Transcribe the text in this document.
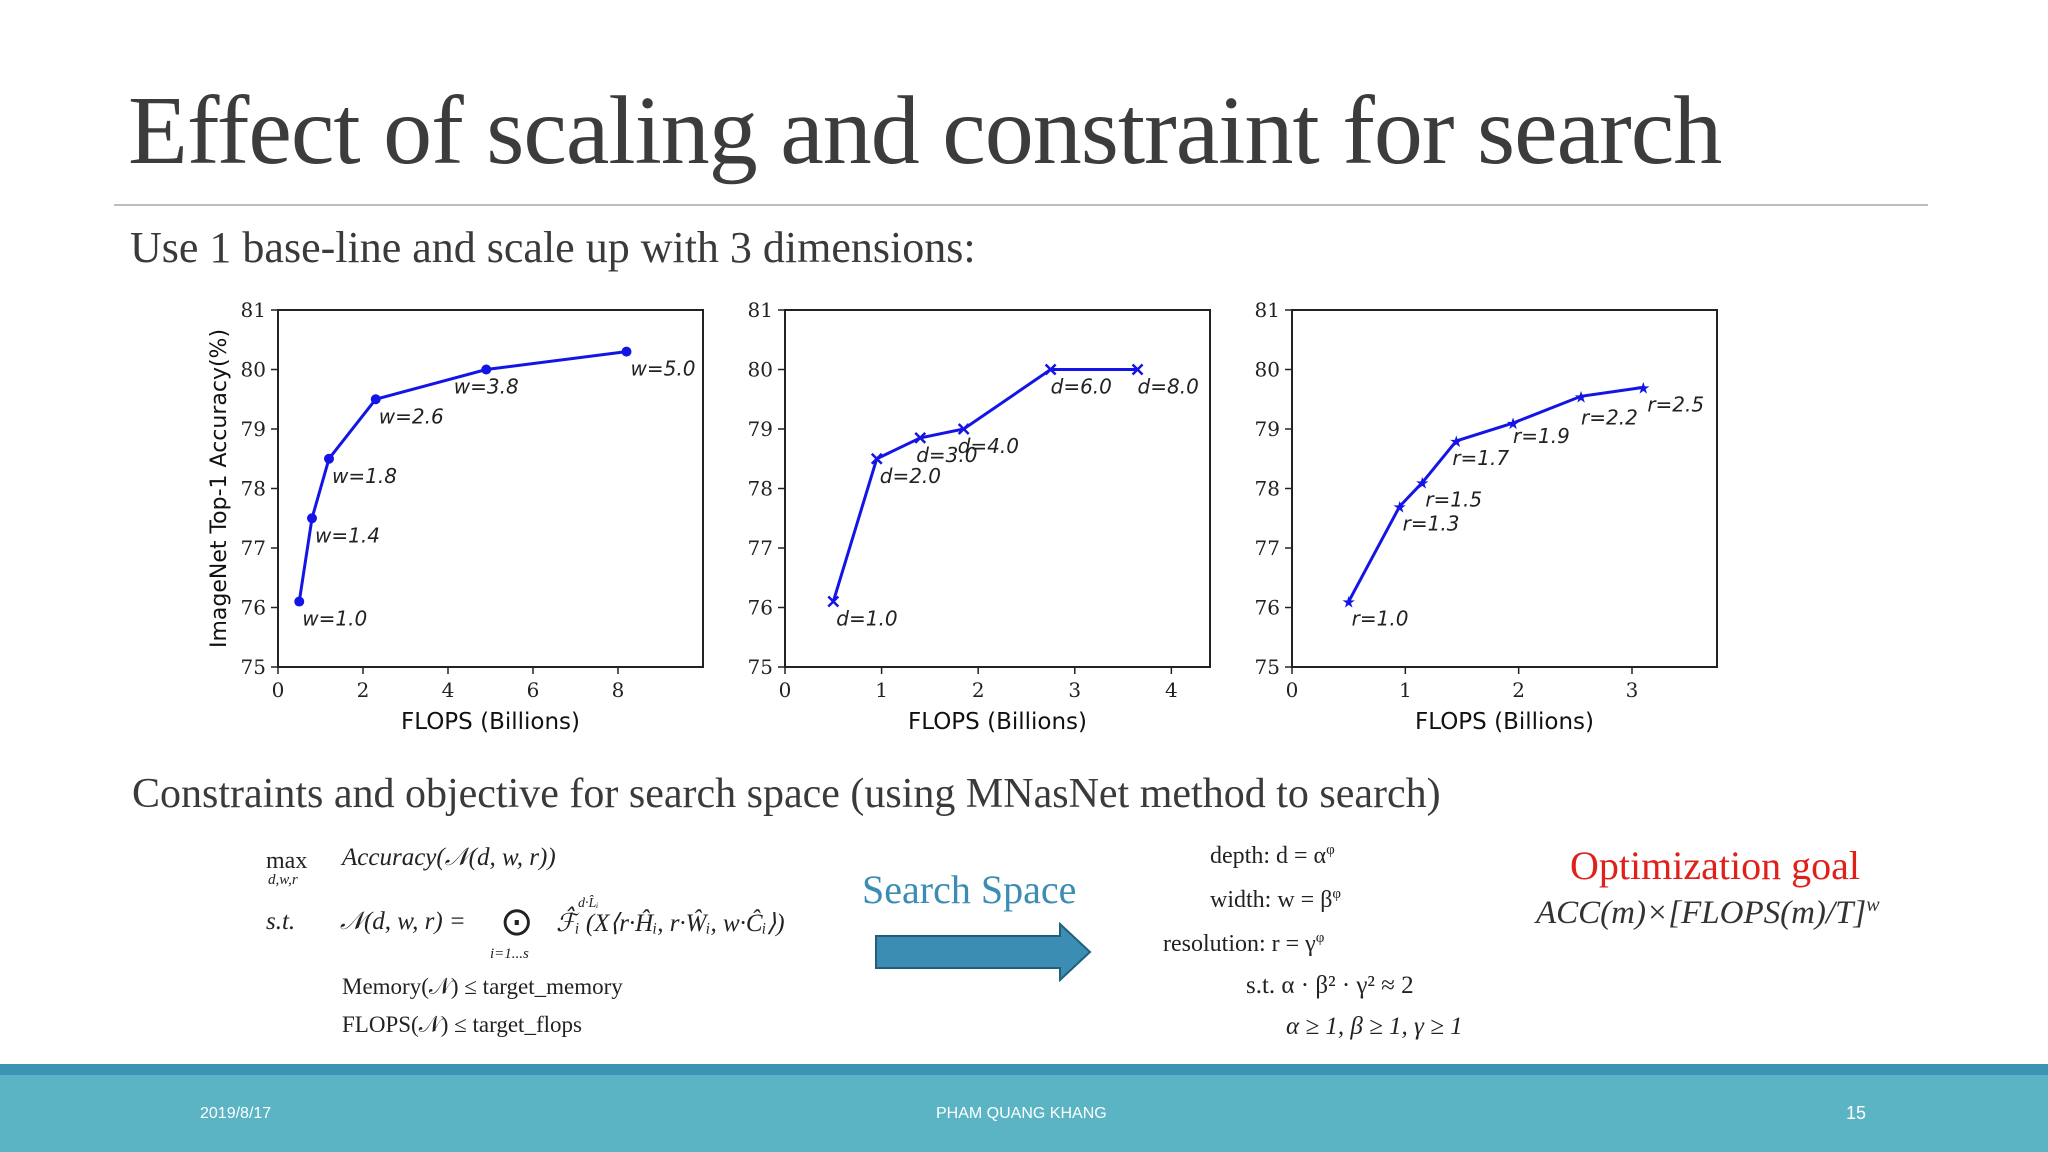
Effect of scaling and constraint for search
Use 1 base-line and scale up with 3 dimensions:
75
76
77
78
79
80
81
0	2	4	6	8
FLOPS (Billions)
ImageNet Top-1 Accuracy(%)	w=1.0
w=1.4
w=1.8
w=2.6
w=3.8
w=5.0
75
76
77
78
79
80
81
0	1	2	3	4
FLOPS (Billions)
d=1.0
d=2.0
d=3.0
d=4.0
d=6.0 d=8.0
75
76
77
78
79
80
81
0	1	2	3
FLOPS (Billions)
★
r=1.0
★
r=1.3
★
r=1.5
★
r=1.7
★
r=1.9
★
r=2.2
★
r=2.5
Constraints and objective for search space (using MNasNet method to search)
max
d,w,r
Accuracy(𝒩(d, w, r))
s.t. 𝒩(d, w, r) = ⊙
i=1...s
ℱ̂ᵢ (X⟨r·Ĥᵢ, r·Ŵᵢ, w·Ĉᵢ⟩)
d·L̂ᵢ
Memory(𝒩) ≤ target_memory
FLOPS(𝒩) ≤ target_flops
Search Space
depth: $d = \alpha^\varphi$
width: $w = \beta^\varphi$
resolution: $r = \gamma^\varphi$
s.t. α · β² · γ² ≈ 2
α ≥ 1, β ≥ 1, γ ≥ 1
Optimization goal
ACC(m)×[FLOPS(m)/T]$^w$
2019/8/17	PHAM QUANG KHANG	15
